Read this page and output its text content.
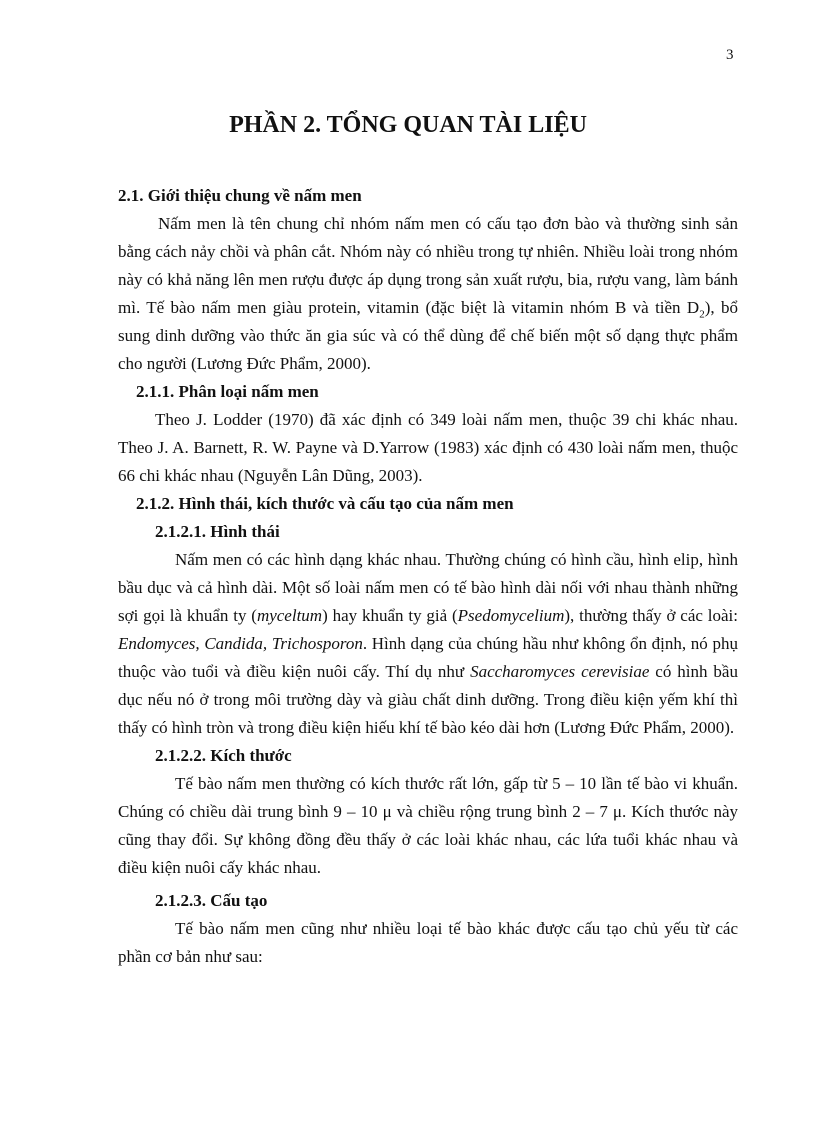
3
PHẦN 2. TỔNG QUAN TÀI LIỆU
2.1. Giới thiệu chung về nấm men

Nấm men là tên chung chỉ nhóm nấm men có cấu tạo đơn bào và thường sinh sản bằng cách nảy chồi và phân cắt. Nhóm này có nhiều trong tự nhiên. Nhiều loài trong nhóm này có khả năng lên men rượu được áp dụng trong sản xuất rượu, bia, rượu vang, làm bánh mì. Tế bào nấm men giàu protein, vitamin (đặc biệt là vitamin nhóm B và tiền $D_2$), bổ sung dinh dưỡng vào thức ăn gia súc và có thể dùng để chế biến một số dạng thực phẩm cho người (Lương Đức Phẩm, 2000).

2.1.1. Phân loại nấm men

Theo J. Lodder (1970) đã xác định có 349 loài nấm men, thuộc 39 chi khác nhau. Theo J. A. Barnett, R. W. Payne và D.Yarrow (1983) xác định có 430 loài nấm men, thuộc 66 chi khác nhau (Nguyễn Lân Dũng, 2003).

2.1.2. Hình thái, kích thước và cấu tạo của nấm men
2.1.2.1. Hình thái

Nấm men có các hình dạng khác nhau. Thường chúng có hình cầu, hình elip, hình bầu dục và cả hình dài. Một số loài nấm men có tế bào hình dài nối với nhau thành những sợi gọi là khuẩn ty (myceltum) hay khuẩn ty giả (Psedomycelium), thường thấy ở các loài: Endomyces, Candida, Trichosporon. Hình dạng của chúng hầu như không ổn định, nó phụ thuộc vào tuổi và điều kiện nuôi cấy. Thí dụ như Saccharomyces cerevisiae có hình bầu dục nếu nó ở trong môi trường dày và giàu chất dinh dưỡng. Trong điều kiện yếm khí thì thấy có hình tròn và trong điều kiện hiếu khí tế bào kéo dài hơn (Lương Đức Phẩm, 2000).

2.1.2.2. Kích thước

Tế bào nấm men thường có kích thước rất lớn, gấp từ 5 – 10 lần tế bào vi khuẩn. Chúng có chiều dài trung bình 9 – 10 μ và chiều rộng trung bình 2 – 7 μ. Kích thước này cũng thay đổi. Sự không đồng đều thấy ở các loài khác nhau, các lứa tuổi khác nhau và điều kiện nuôi cấy khác nhau.

2.1.2.3. Cấu tạo

Tế bào nấm men cũng như nhiều loại tế bào khác được cấu tạo chủ yếu từ các phần cơ bản như sau:
